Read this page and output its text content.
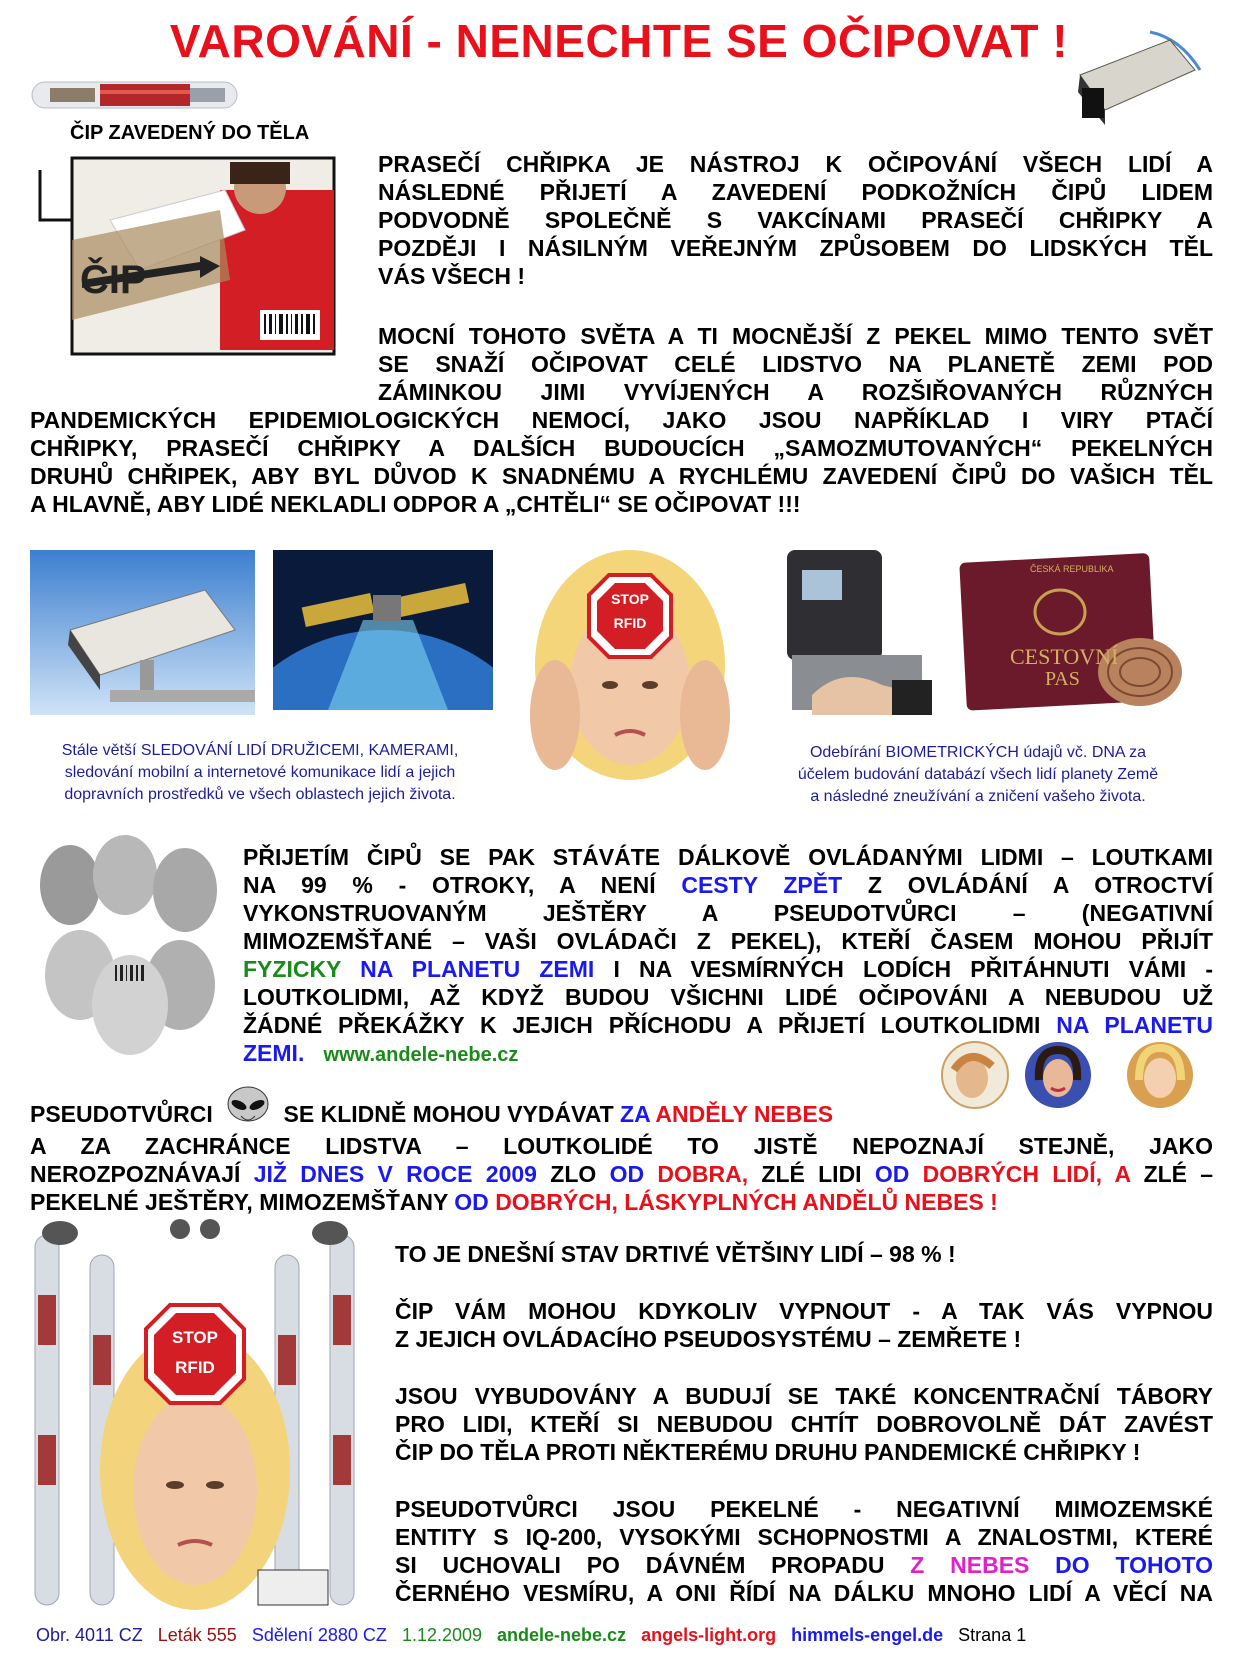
VAROVÁNÍ - NENECHTE SE OČIPOVAT !
ČIP ZAVEDENÝ DO TĚLA
ČIP
PRASEČÍ CHŘIPKA JE NÁSTROJ K OČIPOVÁNÍ VŠECH LIDÍ A
NÁSLEDNÉ PŘIJETÍ A ZAVEDENÍ PODKOŽNÍCH ČIPŮ LIDEM
PODVODNĚ SPOLEČNĚ S VAKCÍNAMI PRASEČÍ CHŘIPKY A
POZDĚJI I NÁSILNÝM VEŘEJNÝM ZPŮSOBEM DO LIDSKÝCH TĚL
VÁS VŠECH !
MOCNÍ TOHOTO SVĚTA A TI MOCNĚJŠÍ Z PEKEL MIMO TENTO SVĚT
SE SNAŽÍ OČIPOVAT CELÉ LIDSTVO NA PLANETĚ ZEMI POD
ZÁMINKOU JIMI VYVÍJENÝCH A ROZŠIŘOVANÝCH RŮZNÝCH
PANDEMICKÝCH EPIDEMIOLOGICKÝCH NEMOCÍ, JAKO JSOU NAPŘÍKLAD I VIRY PTAČÍ
CHŘIPKY, PRASEČÍ CHŘIPKY A DALŠÍCH BUDOUCÍCH „SAMOZMUTOVANÝCH“ PEKELNÝCH
DRUHŮ CHŘIPEK, ABY BYL DŮVOD K SNADNÉMU A RYCHLÉMU ZAVEDENÍ ČIPŮ DO VAŠICH TĚL
A HLAVNĚ, ABY LIDÉ NEKLADLI ODPOR A „CHTĚLI“ SE OČIPOVAT !!!
STOP
RFID
ČESKÁ REPUBLIKA
CESTOVNÍ
PAS
Stále větší SLEDOVÁNÍ LIDÍ DRUŽICEMI, KAMERAMI,
sledování mobilní a internetové komunikace lidí a jejich
dopravních prostředků ve všech oblastech jejich života.
Odebírání BIOMETRICKÝCH údajů vč. DNA za
účelem budování databází všech lidí planety Země
a následné zneužívání a zničení vašeho života.
PŘIJETÍM ČIPŮ SE PAK STÁVÁTE DÁLKOVĚ OVLÁDANÝMI LIDMI – LOUTKAMI
NA 99 % - OTROKY, A NENÍ CESTY ZPĚT Z OVLÁDÁNÍ A OTROCTVÍ
VYKONSTRUOVANÝM JEŠTĚRY A PSEUDOTVŮRCI – (NEGATIVNÍ
MIMOZEMŠŤANÉ – VAŠI OVLÁDAČI Z PEKEL), KTEŘÍ ČASEM MOHOU PŘIJÍT
FYZICKY NA PLANETU ZEMI I NA VESMÍRNÝCH LODÍCH PŘITÁHNUTI VÁMI -
LOUTKOLIDMI, AŽ KDYŽ BUDOU VŠICHNI LIDÉ OČIPOVÁNI A NEBUDOU UŽ
ŽÁDNÉ PŘEKÁŽKY K JEJICH PŘÍCHODU A PŘIJETÍ LOUTKOLIDMI NA PLANETU
ZEMI. www.andele-nebe.cz
PSEUDOTVŮRCI	SE KLIDNĚ MOHOU VYDÁVAT ZA ANDĚLY NEBES
A ZA ZACHRÁNCE LIDSTVA – LOUTKOLIDÉ TO JISTĚ NEPOZNAJÍ STEJNĚ, JAKO
NEROZPOZNÁVAJÍ JIŽ DNES V ROCE 2009 ZLO OD DOBRA, ZLÉ LIDI OD DOBRÝCH LIDÍ, A ZLÉ –
PEKELNÉ JEŠTĚRY, MIMOZEMŠŤANY OD DOBRÝCH, LÁSKYPLNÝCH ANDĚLŮ NEBES !
STOP
RFID
TO JE DNEŠNÍ STAV DRTIVÉ VĚTŠINY LIDÍ – 98 % !
ČIP VÁM MOHOU KDYKOLIV VYPNOUT - A TAK VÁS VYPNOU
Z JEJICH OVLÁDACÍHO PSEUDOSYSTÉMU – ZEMŘETE !
JSOU VYBUDOVÁNY A BUDUJÍ SE TAKÉ KONCENTRAČNÍ TÁBORY
PRO LIDI, KTEŘÍ SI NEBUDOU CHTÍT DOBROVOLNĚ DÁT ZAVÉST
ČIP DO TĚLA PROTI NĚKTERÉMU DRUHU PANDEMICKÉ CHŘIPKY !
PSEUDOTVŮRCI JSOU PEKELNÉ - NEGATIVNÍ MIMOZEMSKÉ
ENTITY S IQ-200, VYSOKÝMI SCHOPNOSTMI A ZNALOSTMI, KTERÉ
SI UCHOVALI PO DÁVNÉM PROPADU Z NEBES DO TOHOTO
ČERNÉHO VESMÍRU, A ONI ŘÍDÍ NA DÁLKU MNOHO LIDÍ A VĚCÍ NA
Obr. 4011 CZ Leták 555 Sdělení 2880 CZ 1.12.2009 andele-nebe.cz angels-light.org himmels-engel.de Strana 1
